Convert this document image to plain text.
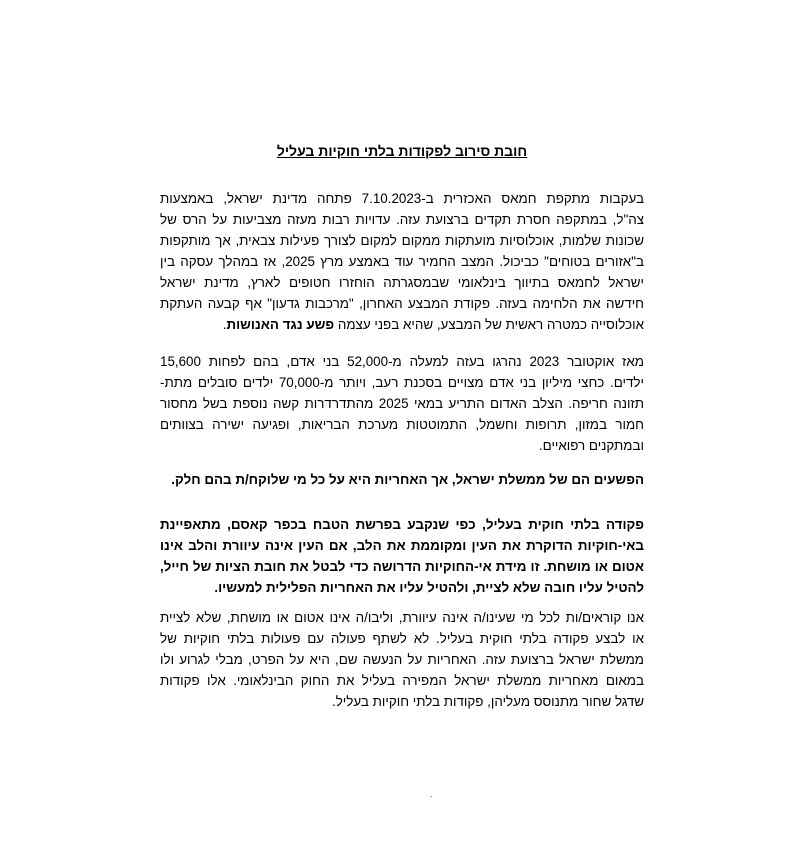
חובת סירוב לפקודות בלתי חוקיות בעליל
בעקבות מתקפת חמאס האכזרית ב-7.10.2023 פתחה מדינת ישראל, באמצעות
צה"ל, במתקפה חסרת תקדים ברצועת עזה. עדויות רבות מעזה מצביעות על הרס של
שכונות שלמות, אוכלוסיות מועתקות ממקום למקום לצורך פעילות צבאית, אך מותקפות
ב"אזורים בטוחים" כביכול. המצב החמיר עוד באמצע מרץ 2025, אז במהלך עסקה בין
ישראל לחמאס בתיווך בינלאומי שבמסגרתה הוחזרו חטופים לארץ, מדינת ישראל
חידשה את הלחימה בעזה. פקודת המבצע האחרון, "מרכבות גדעון" אף קבעה העתקת
אוכלוסייה כמטרה ראשית של המבצע, שהיא בפני עצמה פשע נגד האנושות.
מאז אוקטובר 2023 נהרגו בעזה למעלה מ-52,000 בני אדם, בהם לפחות 15,600
ילדים. כחצי מיליון בני אדם מצויים בסכנת רעב, ויותר מ-70,000 ילדים סובלים מתת-
תזונה חריפה. הצלב האדום התריע במאי 2025 מהתדרדרות קשה נוספת בשל מחסור
חמור במזון, תרופות וחשמל, התמוטטות מערכת הבריאות, ופגיעה ישירה בצוותים
ובמתקנים רפואיים.
הפשעים הם של ממשלת ישראל, אך האחריות היא על כל מי שלוקח/ת בהם חלק.
פקודה בלתי חוקית בעליל, כפי שנקבע בפרשת הטבח בכפר קאסם, מתאפיינת
באי-חוקיות הדוקרת את העין ומקוממת את הלב, אם העין אינה עיוורת והלב אינו
אטום או מושחת. זו מידת אי-החוקיות הדרושה כדי לבטל את חובת הציות של חייל,
להטיל עליו חובה שלא לציית, ולהטיל עליו את האחריות הפלילית למעשיו.
אנו קוראים/ות לכל מי שעינו/ה אינה עיוורת, וליבו/ה אינו אטום או מושחת, שלא לציית
או לבצע פקודה בלתי חוקית בעליל. לא לשתף פעולה עם פעולות בלתי חוקיות של
ממשלת ישראל ברצועת עזה. האחריות על הנעשה שם, היא על הפרט, מבלי לגרוע ולו
במאום מאחריות ממשלת ישראל המפירה בעליל את החוק הבינלאומי. אלו פקודות
שדגל שחור מתנוסס מעליהן, פקודות בלתי חוקיות בעליל.
.
